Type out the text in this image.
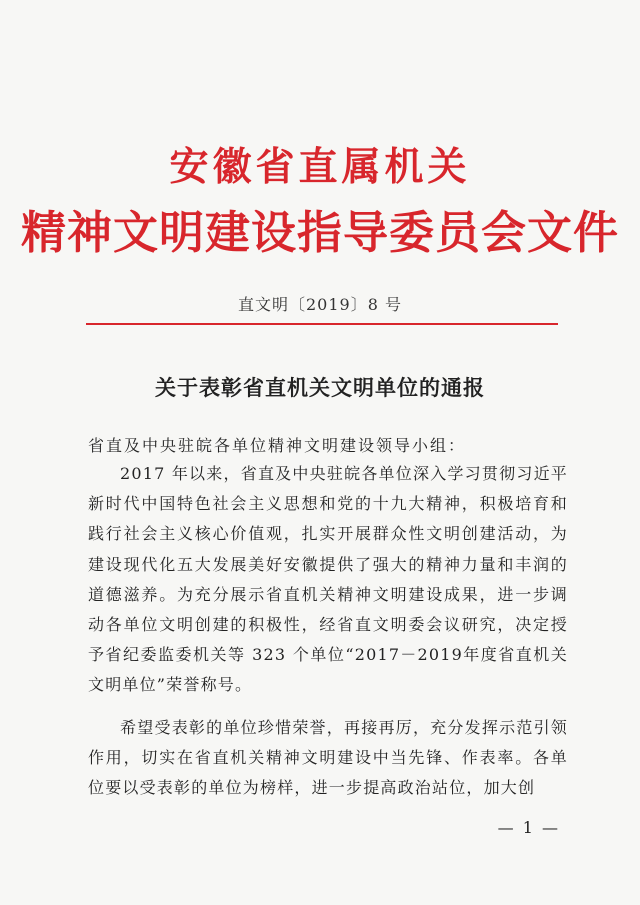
安徽省直属机关
精神文明建设指导委员会文件
直文明〔2019〕8 号
关于表彰省直机关文明单位的通报
省直及中央驻皖各单位精神文明建设领导小组：
2017 年以来，省直及中央驻皖各单位深入学习贯彻习近平新时代中国特色社会主义思想和党的十九大精神，积极培育和践行社会主义核心价值观，扎实开展群众性文明创建活动，为建设现代化五大发展美好安徽提供了强大的精神力量和丰润的道德滋养。为充分展示省直机关精神文明建设成果，进一步调动各单位文明创建的积极性，经省直文明委会议研究，决定授予省纪委监委机关等 323 个单位“2017－2019年度省直机关文明单位”荣誉称号。
希望受表彰的单位珍惜荣誉，再接再厉，充分发挥示范引领作用，切实在省直机关精神文明建设中当先锋、作表率。各单位要以受表彰的单位为榜样，进一步提高政治站位，加大创
— 1 —
